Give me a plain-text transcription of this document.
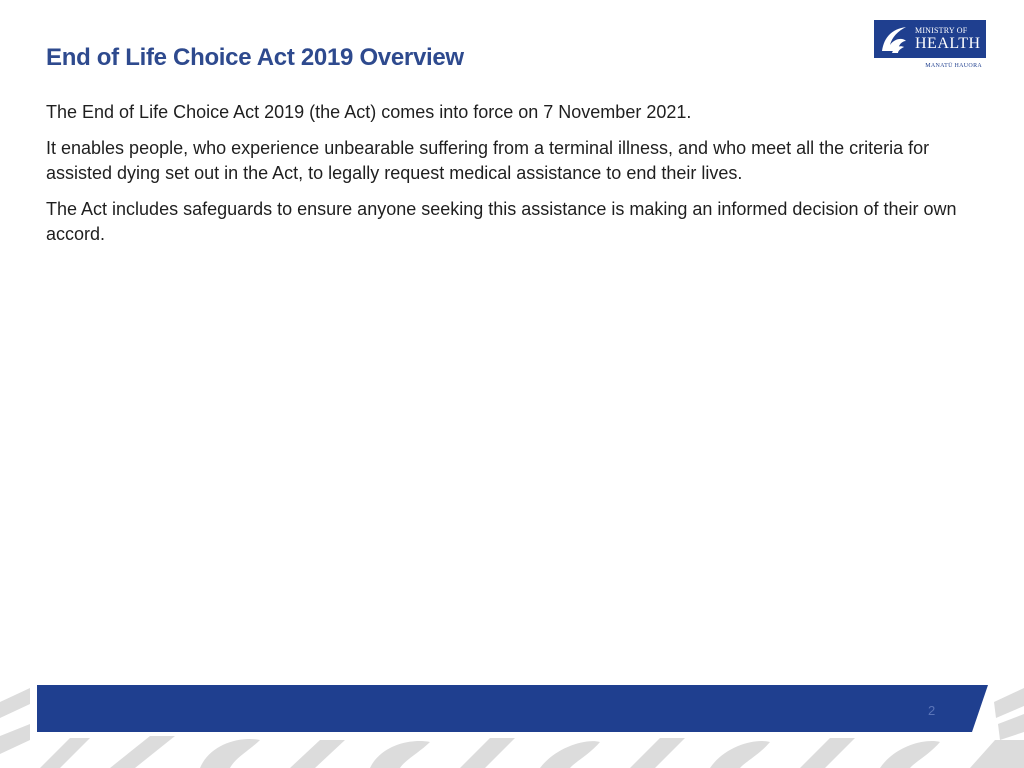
End of Life Choice Act 2019 Overview
MINISTRY OF
HEALTH
MANATŪ HAUORA

The End of Life Choice Act 2019 (the Act) comes into force on 7 November 2021.

It enables people, who experience unbearable suffering from a terminal illness, and who meet all the criteria for assisted dying set out in the Act, to legally request medical assistance to end their lives.

The Act includes safeguards to ensure anyone seeking this assistance is making an informed decision of their own accord.

2
